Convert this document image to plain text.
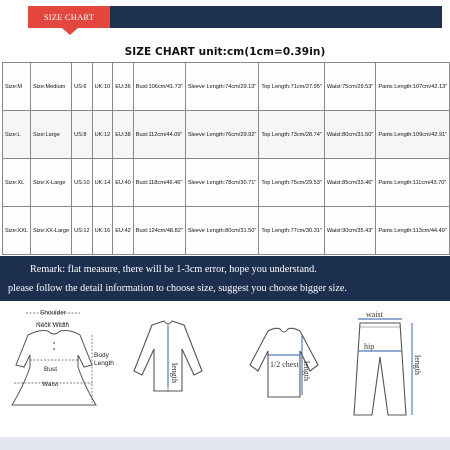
SIZE CHART
SIZE CHART unit:cm(1cm=0.39in)
Size:M	Size:Medium	US:6	UK:10	EU:36	Bust:106cm/41.73"	Sleeve Length:74cm/29.13"	Top Length:71cm/27.95"	Waist:75cm/29.53"	Pants Length:107cm/42.13"
Size:L	Size:Large	US:8	UK:12	EU:38	Bust:112cm/44.09"	Sleeve Length:76cm/29.92"	Top Length:73cm/28.74"	Waist:80cm/31.50"	Pants Length:109cm/42.91"
Size:XL	Size:X-Large	US:10	UK:14	EU:40	Bust:118cm/46.46"	Sleeve Length:78cm/30.71"	Top Length:75cm/29.53"	Waist:85cm/33.46"	Pants Length:111cm/43.70"
Size:XXL	Size:XX-Large	US:12	UK:16	EU:42	Bust:124cm/48.82"	Sleeve Length:80cm/31.50"	Top Length:77cm/30.31"	Waist:90cm/35.43"	Pants Length:113cm/44.49"
Remark: flat measure, there will be 1-3cm error, hope you understand.
please follow the detail information to choose size, suggest you choose bigger size.
Shoulder
Neck Width
Bust
Waist
Body
Length	length	1/2 chest length
waist
hip
length
